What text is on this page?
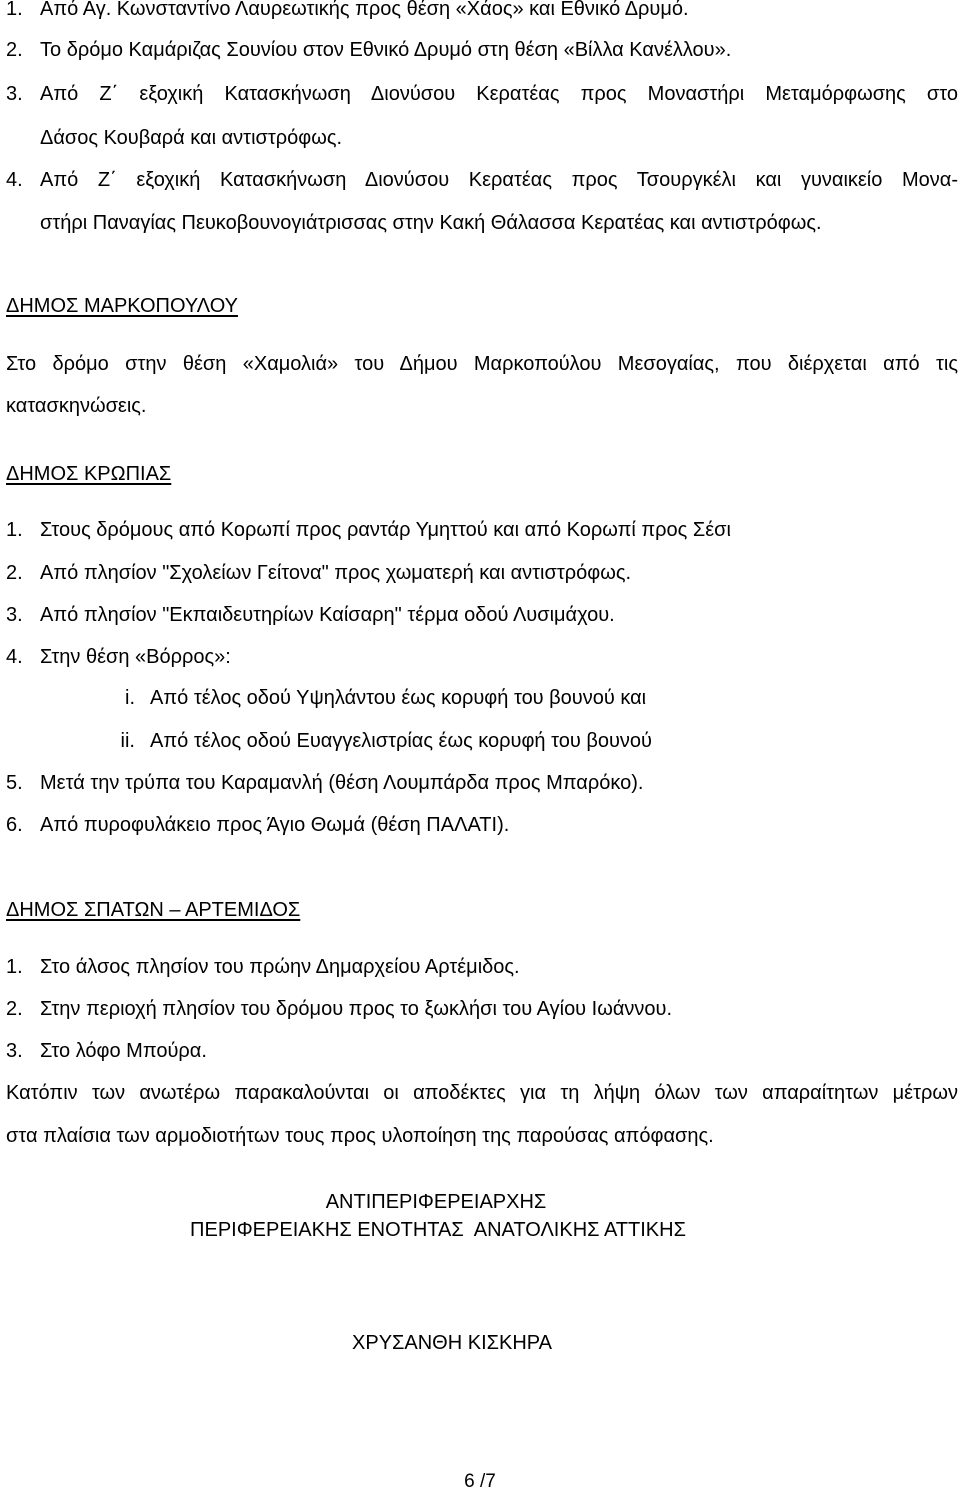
1. Από Αγ. Κωνσταντίνο Λαυρεωτικής προς θέση «Χάος» και Εθνικό Δρυμό.
2. Το δρόμο Καμάριζας Σουνίου στον Εθνικό Δρυμό στη θέση «Βίλλα Κανέλλου».
3. Από Ζ΄ εξοχική Κατασκήνωση Διονύσου Κερατέας προς Μοναστήρι Μεταμόρφωσης στο
Δάσος Κουβαρά και αντιστρόφως.
4. Από Ζ΄ εξοχική Κατασκήνωση Διονύσου Κερατέας προς Τσουργκέλι και γυναικείο Μονα-
στήρι Παναγίας Πευκοβουνογιάτρισσας στην Κακή Θάλασσα Κερατέας και αντιστρόφως.
ΔΗΜΟΣ ΜΑΡΚΟΠΟΥΛΟΥ
Στο δρόμο στην θέση «Χαμολιά» του Δήμου Μαρκοπούλου Μεσογαίας, που διέρχεται από τις
κατασκηνώσεις.
ΔΗΜΟΣ ΚΡΩΠΙΑΣ
1. Στους δρόμους από Κορωπί προς ραντάρ Υμηττού και από Κορωπί προς Σέσι
2. Από πλησίον "Σχολείων Γείτονα" προς χωματερή και αντιστρόφως.
3. Από πλησίον "Εκπαιδευτηρίων Καίσαρη" τέρμα οδού Λυσιμάχου.
4. Στην θέση «Βόρρος»:
i. Από τέλος οδού Υψηλάντου έως κορυφή του βουνού και
ii. Από τέλος οδού Ευαγγελιστρίας έως κορυφή του βουνού
5. Μετά την τρύπα του Καραμανλή (θέση Λουμπάρδα προς Μπαρόκο).
6. Από πυροφυλάκειο προς Άγιο Θωμά (θέση ΠΑΛΑΤΙ).
ΔΗΜΟΣ ΣΠΑΤΩΝ – ΑΡΤΕΜΙΔΟΣ
1. Στο άλσος πλησίον του πρώην Δημαρχείου Αρτέμιδος.
2. Στην περιοχή πλησίον του δρόμου προς το ξωκλήσι του Αγίου Ιωάννου.
3. Στο λόφο Μπούρα.
Κατόπιν των ανωτέρω παρακαλούνται οι αποδέκτες για τη λήψη όλων των απαραίτητων μέτρων
στα πλαίσια των αρμοδιοτήτων τους προς υλοποίηση της παρούσας απόφασης.
ΑΝΤΙΠΕΡΙΦΕΡΕΙΑΡΧΗΣ
ΠΕΡΙΦΕΡΕΙΑΚΗΣ ΕΝΟΤΗΤΑΣ  ΑΝΑΤΟΛΙΚΗΣ ΑΤΤΙΚΗΣ
ΧΡΥΣΑΝΘΗ ΚΙΣΚΗΡΑ
6 /7
